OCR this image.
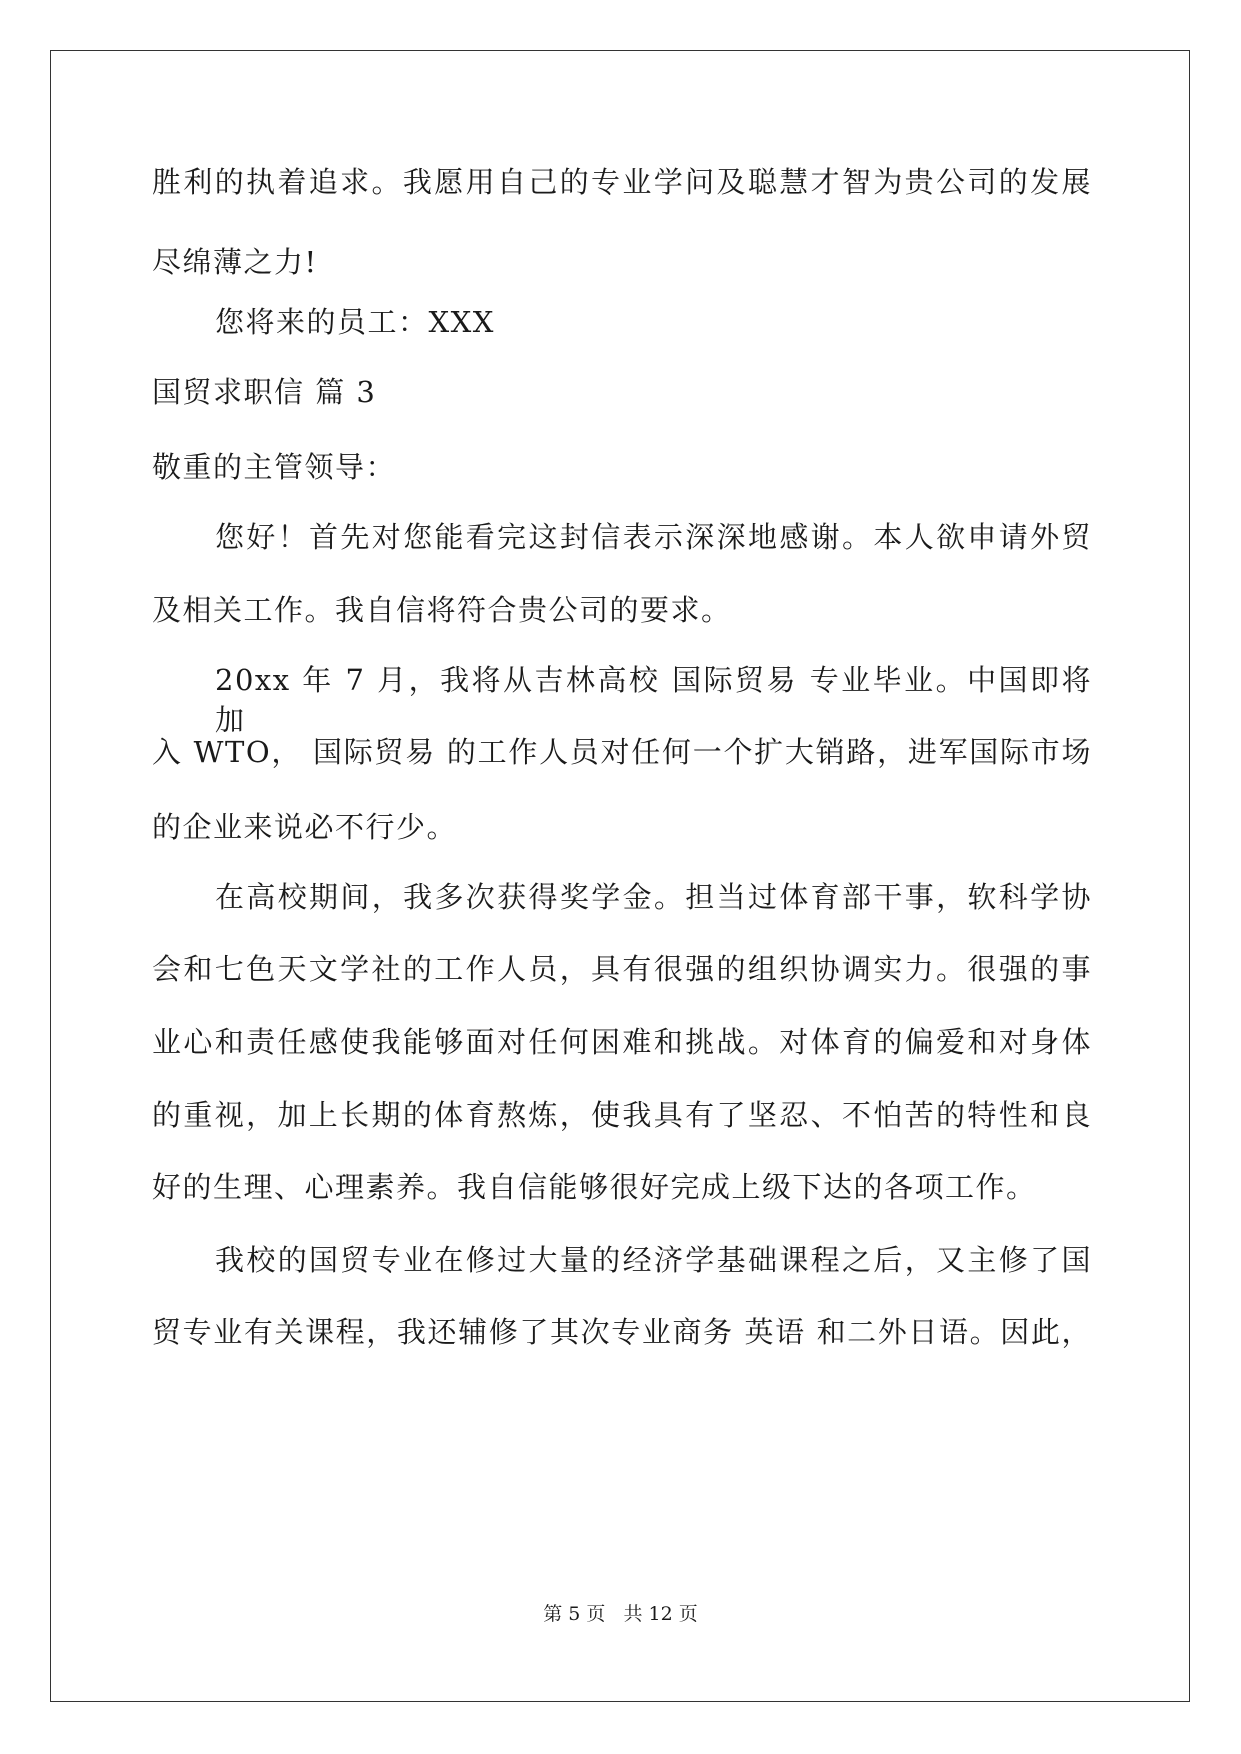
胜利的执着追求。我愿用自己的专业学问及聪慧才智为贵公司的发展
尽绵薄之力!
您将来的员工：XXX
国贸求职信 篇 3
敬重的主管领导：
您好！首先对您能看完这封信表示深深地感谢。本人欲申请外贸
及相关工作。我自信将符合贵公司的要求。
20xx 年 7 月，我将从吉林高校 国际贸易 专业毕业。中国即将加
入 WTO， 国际贸易 的工作人员对任何一个扩大销路，进军国际市场
的企业来说必不行少。
在高校期间，我多次获得奖学金。担当过体育部干事，软科学协
会和七色天文学社的工作人员，具有很强的组织协调实力。很强的事
业心和责任感使我能够面对任何困难和挑战。对体育的偏爱和对身体
的重视，加上长期的体育熬炼，使我具有了坚忍、不怕苦的特性和良
好的生理、心理素养。我自信能够很好完成上级下达的各项工作。
我校的国贸专业在修过大量的经济学基础课程之后，又主修了国
贸专业有关课程，我还辅修了其次专业商务 英语 和二外日语。因此，
第 5 页   共 12 页
